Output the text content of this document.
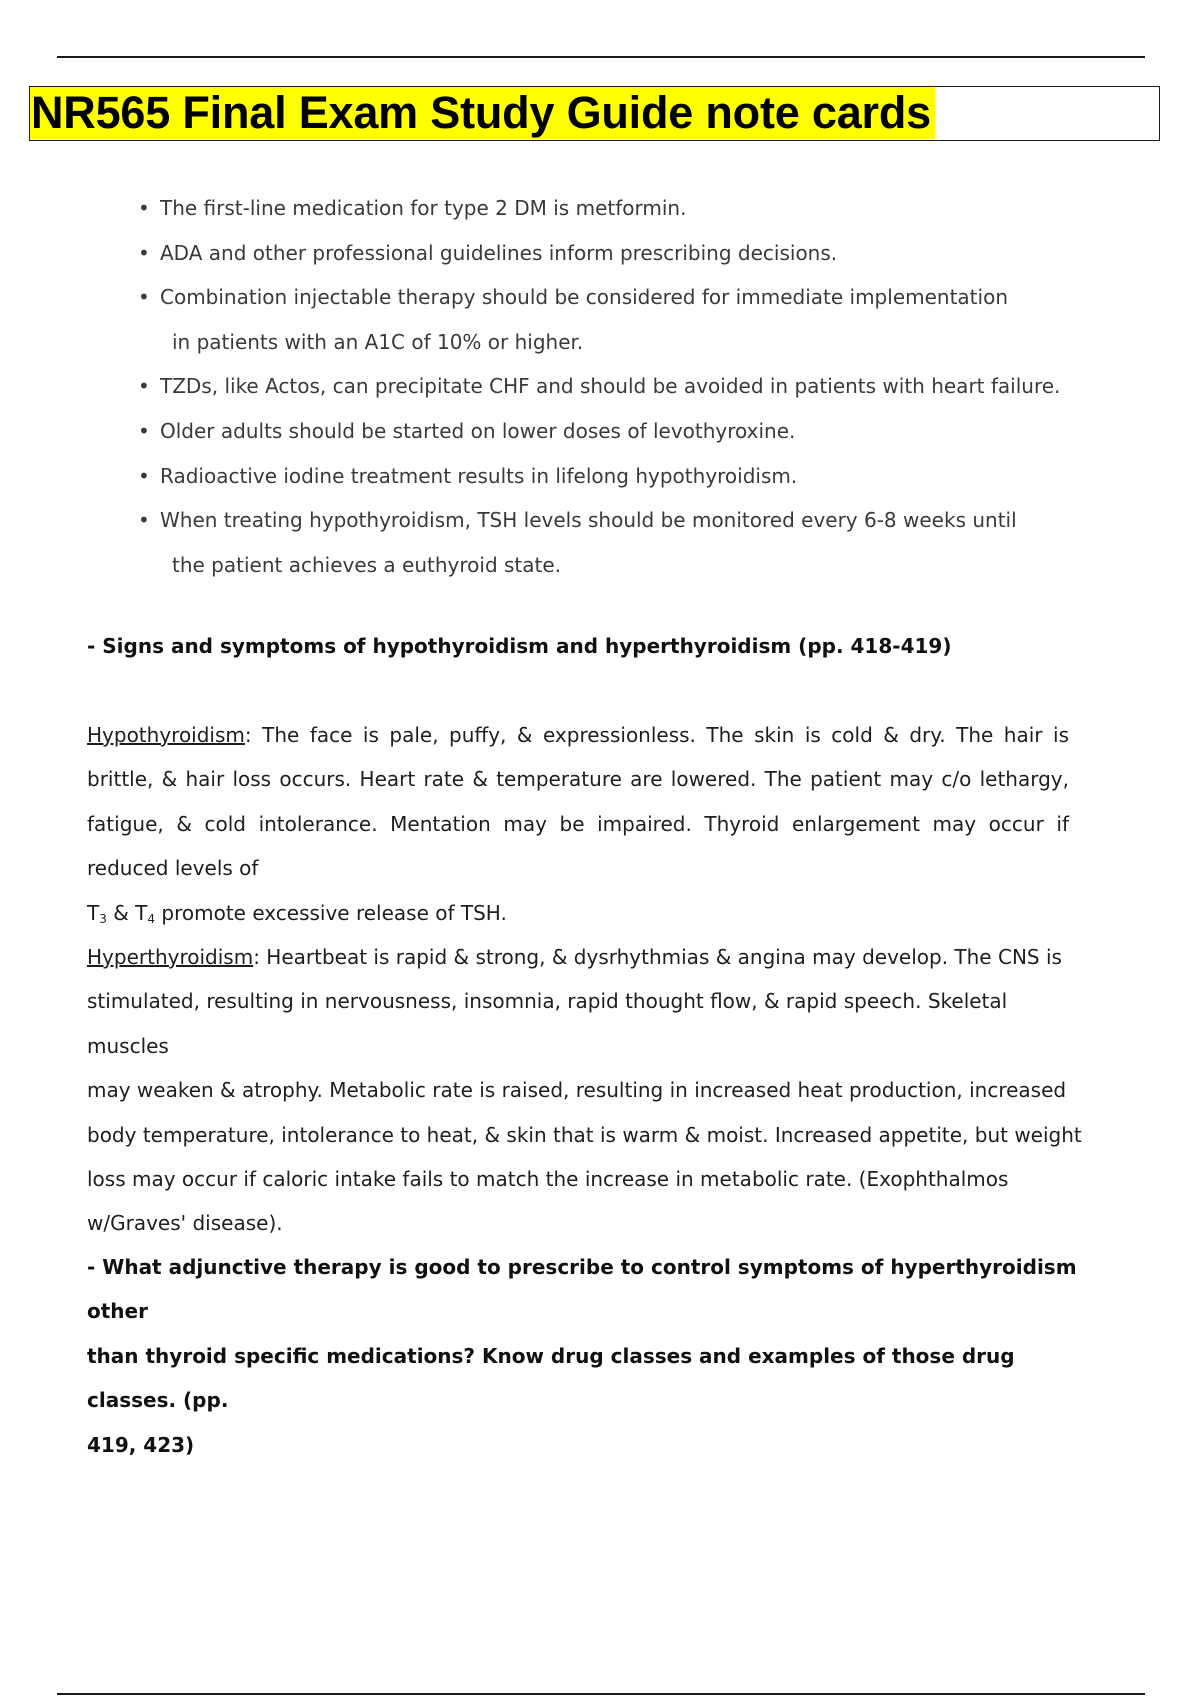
NR565 Final Exam Study Guide note cards
• The first-line medication for type 2 DM is metformin.
• ADA and other professional guidelines inform prescribing decisions.
• Combination injectable therapy should be considered for immediate implementation
in patients with an A1C of 10% or higher.
• TZDs, like Actos, can precipitate CHF and should be avoided in patients with heart failure.
• Older adults should be started on lower doses of levothyroxine.
• Radioactive iodine treatment results in lifelong hypothyroidism.
• When treating hypothyroidism, TSH levels should be monitored every 6-8 weeks until
the patient achieves a euthyroid state.

- Signs and symptoms of hypothyroidism and hyperthyroidism (pp. 418-419)

Hypothyroidism: The face is pale, puffy, & expressionless. The skin is cold & dry. The hair is brittle, & hair loss occurs. Heart rate & temperature are lowered. The patient may c/o lethargy, fatigue, & cold intolerance. Mentation may be impaired. Thyroid enlargement may occur if reduced levels of
$T_3$ & $T_4$ promote excessive release of TSH.

Hyperthyroidism: Heartbeat is rapid & strong, & dysrhythmias & angina may develop. The CNS is
stimulated, resulting in nervousness, insomnia, rapid thought flow, & rapid speech. Skeletal muscles
may weaken & atrophy. Metabolic rate is raised, resulting in increased heat production, increased
body temperature, intolerance to heat, & skin that is warm & moist. Increased appetite, but weight
loss may occur if caloric intake fails to match the increase in metabolic rate. (Exophthalmos
w/Graves' disease).
- What adjunctive therapy is good to prescribe to control symptoms of hyperthyroidism other
than thyroid specific medications? Know drug classes and examples of those drug classes. (pp.
419, 423)
